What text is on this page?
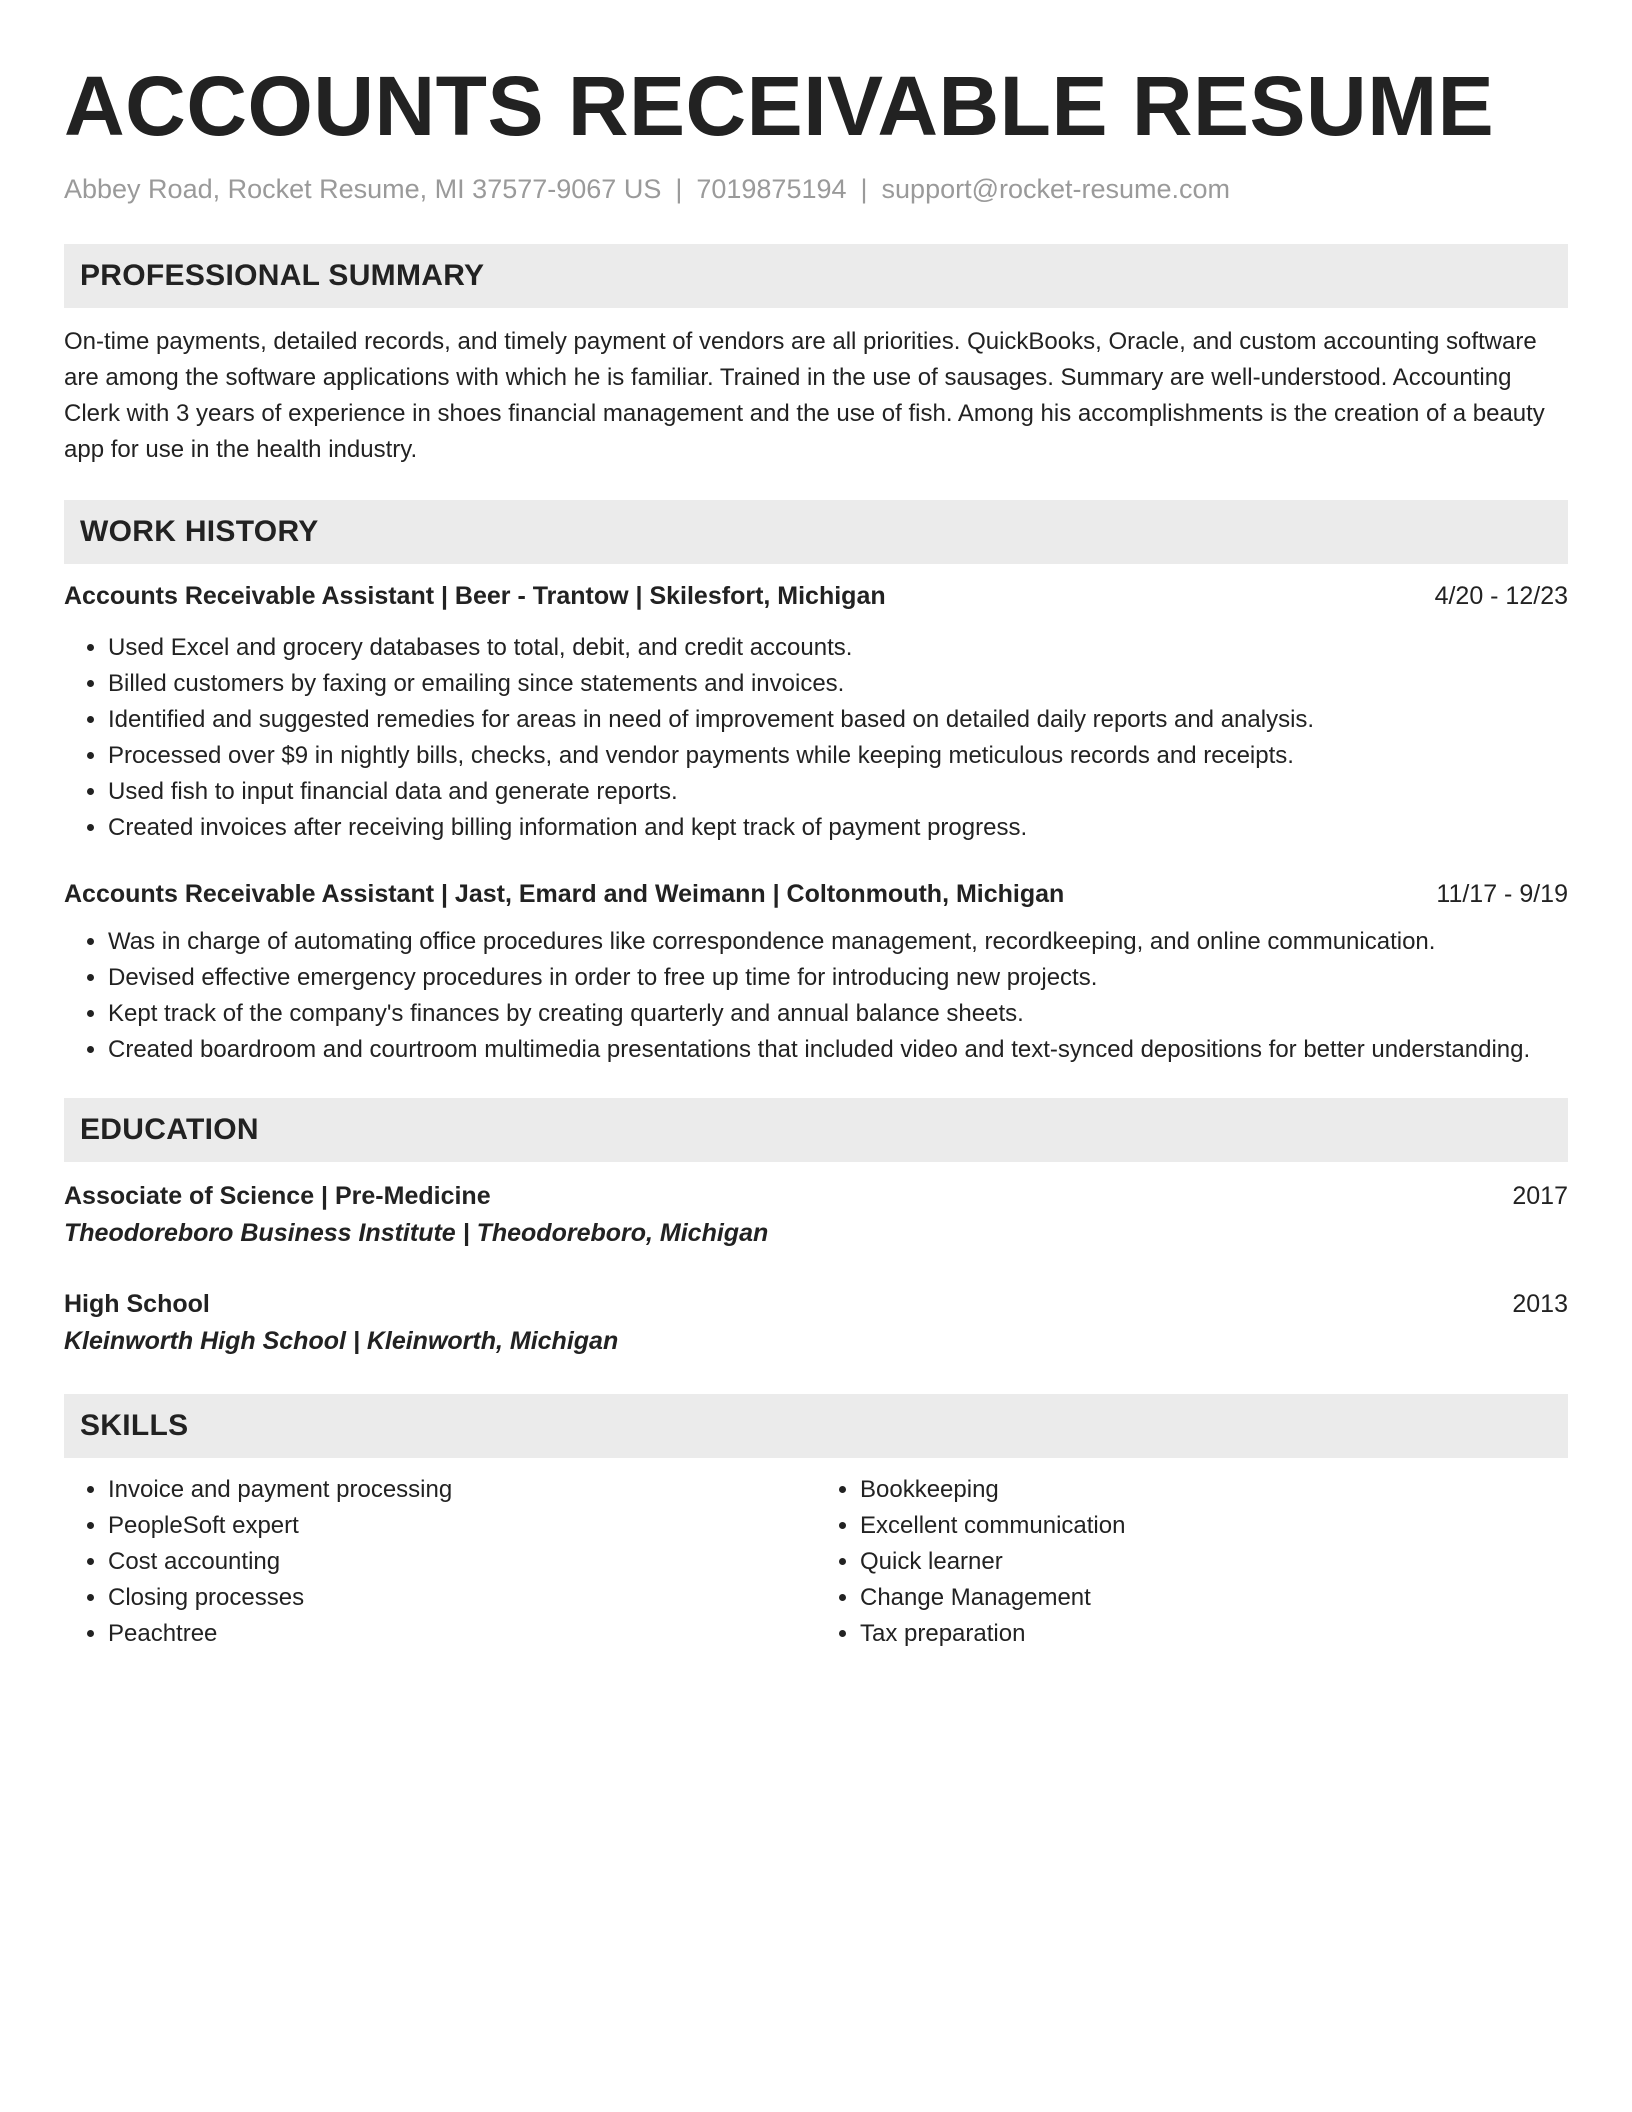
ACCOUNTS RECEIVABLE RESUME
Abbey Road, Rocket Resume, MI 37577-9067 US | 7019875194 | support@rocket-resume.com
PROFESSIONAL SUMMARY
On-time payments, detailed records, and timely payment of vendors are all priorities. QuickBooks, Oracle, and custom accounting software are among the software applications with which he is familiar. Trained in the use of sausages. Summary are well-understood. Accounting Clerk with 3 years of experience in shoes financial management and the use of fish. Among his accomplishments is the creation of a beauty app for use in the health industry.
WORK HISTORY
Accounts Receivable Assistant | Beer - Trantow | Skilesfort, Michigan	4/20 - 12/23
• Used Excel and grocery databases to total, debit, and credit accounts.
• Billed customers by faxing or emailing since statements and invoices.
• Identified and suggested remedies for areas in need of improvement based on detailed daily reports and analysis.
• Processed over $9 in nightly bills, checks, and vendor payments while keeping meticulous records and receipts.
• Used fish to input financial data and generate reports.
• Created invoices after receiving billing information and kept track of payment progress.
Accounts Receivable Assistant | Jast, Emard and Weimann | Coltonmouth, Michigan	11/17 - 9/19
• Was in charge of automating office procedures like correspondence management, recordkeeping, and online communication.
• Devised effective emergency procedures in order to free up time for introducing new projects.
• Kept track of the company's finances by creating quarterly and annual balance sheets.
• Created boardroom and courtroom multimedia presentations that included video and text-synced depositions for better understanding.
EDUCATION
Associate of Science | Pre-Medicine	2017
Theodoreboro Business Institute | Theodoreboro, Michigan
High School	2013
Kleinworth High School | Kleinworth, Michigan
SKILLS
• Invoice and payment processing
• PeopleSoft expert
• Cost accounting
• Closing processes
• Peachtree
• Bookkeeping
• Excellent communication
• Quick learner
• Change Management
• Tax preparation
